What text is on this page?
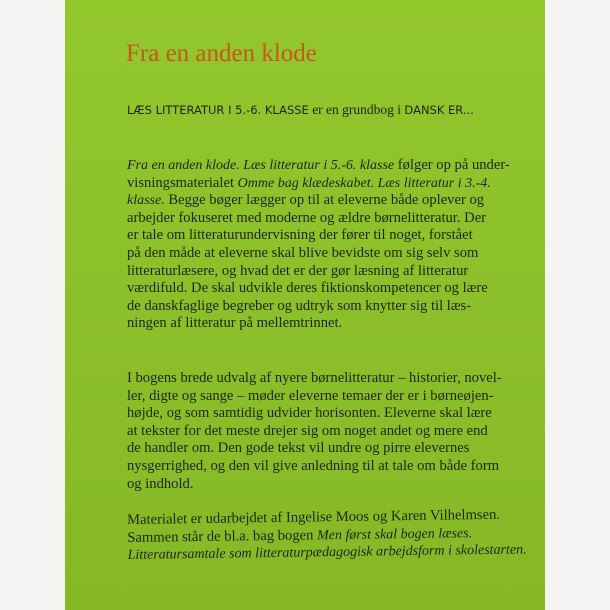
Fra en anden klode
LÆS LITTERATUR I 5.-6. KLASSE er en grundbog i DANSK ER...
Fra en anden klode. Læs litteratur i 5.-6. klasse følger op på under-
visningsmaterialet Omme bag klædeskabet. Læs litteratur i 3.-4.
klasse. Begge bøger lægger op til at eleverne både oplever og
arbejder fokuseret med moderne og ældre børnelitteratur. Der
er tale om litteraturundervisning der fører til noget, forstået
på den måde at eleverne skal blive bevidste om sig selv som
litteraturlæsere, og hvad det er der gør læsning af litteratur
værdifuld. De skal udvikle deres fiktionskompetencer og lære
de danskfaglige begreber og udtryk som knytter sig til læs-
ningen af litteratur på mellemtrinnet.
I bogens brede udvalg af nyere børnelitteratur – historier, novel-
ler, digte og sange – møder eleverne temaer der er i børneøjen-
højde, og som samtidig udvider horisonten. Eleverne skal lære
at tekster for det meste drejer sig om noget andet og mere end
de handler om. Den gode tekst vil undre og pirre elevernes
nysgerrighed, og den vil give anledning til at tale om både form
og indhold.
Materialet er udarbejdet af Ingelise Moos og Karen Vilhelmsen.
Sammen står de bl.a. bag bogen Men først skal bogen læses.
Litteratursamtale som litteraturpædagogisk arbejdsform i skolestarten.
